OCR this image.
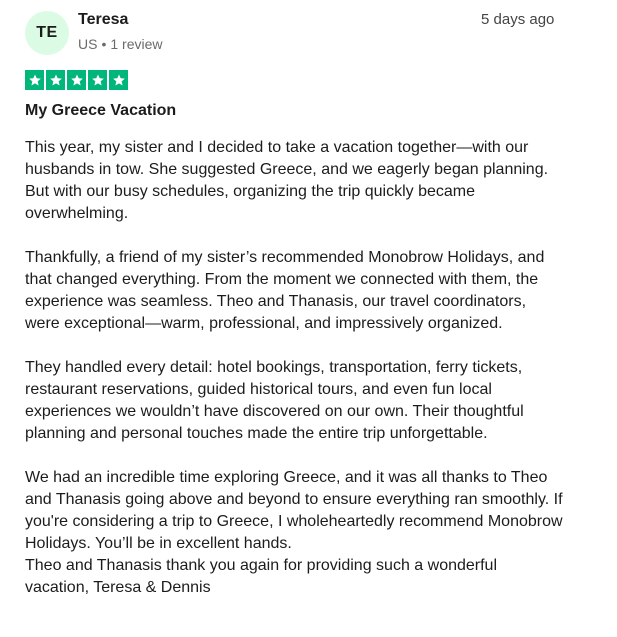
TE
Teresa
US • 1 review
5 days ago
My Greece Vacation

This year, my sister and I decided to take a vacation together—with our husbands in tow. She suggested Greece, and we eagerly began planning. But with our busy schedules, organizing the trip quickly became overwhelming.

Thankfully, a friend of my sister’s recommended Monobrow Holidays, and that changed everything. From the moment we connected with them, the experience was seamless. Theo and Thanasis, our travel coordinators, were exceptional—warm, professional, and impressively organized.

They handled every detail: hotel bookings, transportation, ferry tickets, restaurant reservations, guided historical tours, and even fun local experiences we wouldn’t have discovered on our own. Their thoughtful planning and personal touches made the entire trip unforgettable.

We had an incredible time exploring Greece, and it was all thanks to Theo and Thanasis going above and beyond to ensure everything ran smoothly. If you're considering a trip to Greece, I wholeheartedly recommend Monobrow Holidays. You’ll be in excellent hands.

Theo and Thanasis thank you again for providing such a wonderful vacation, Teresa & Dennis
